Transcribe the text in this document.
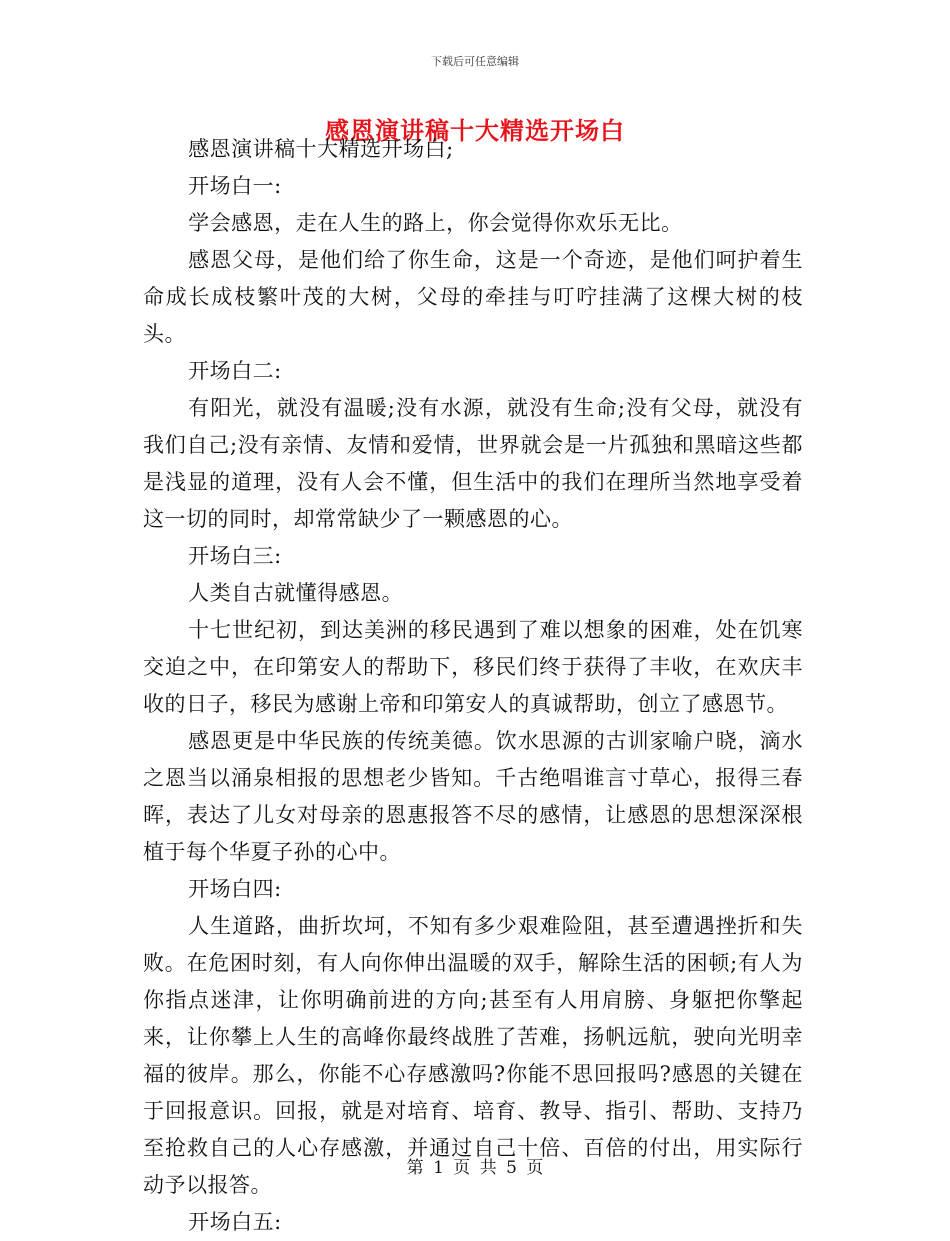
下载后可任意编辑
感恩演讲稿十大精选开场白

感恩演讲稿十大精选开场白;

开场白一:

学会感恩，走在人生的路上，你会觉得你欢乐无比。

感恩父母，是他们给了你生命，这是一个奇迹，是他们呵护着生命成长成枝繁叶茂的大树，父母的牵挂与叮咛挂满了这棵大树的枝头。

开场白二:

有阳光，就没有温暖;没有水源，就没有生命;没有父母，就没有我们自己;没有亲情、友情和爱情，世界就会是一片孤独和黑暗这些都是浅显的道理，没有人会不懂，但生活中的我们在理所当然地享受着这一切的同时，却常常缺少了一颗感恩的心。

开场白三:

人类自古就懂得感恩。

十七世纪初，到达美洲的移民遇到了难以想象的困难，处在饥寒交迫之中，在印第安人的帮助下，移民们终于获得了丰收，在欢庆丰收的日子，移民为感谢上帝和印第安人的真诚帮助，创立了感恩节。

感恩更是中华民族的传统美德。饮水思源的古训家喻户晓，滴水之恩当以涌泉相报的思想老少皆知。千古绝唱谁言寸草心，报得三春晖，表达了儿女对母亲的恩惠报答不尽的感情，让感恩的思想深深根植于每个华夏子孙的心中。

开场白四:

人生道路，曲折坎坷，不知有多少艰难险阻，甚至遭遇挫折和失败。在危困时刻，有人向你伸出温暖的双手，解除生活的困顿;有人为你指点迷津，让你明确前进的方向;甚至有人用肩膀、身躯把你擎起来，让你攀上人生的高峰你最终战胜了苦难，扬帆远航，驶向光明幸福的彼岸。那么，你能不心存感激吗?你能不思回报吗?感恩的关键在于回报意识。回报，就是对培育、培育、教导、指引、帮助、支持乃至抢救自己的人心存感激，并通过自己十倍、百倍的付出，用实际行动予以报答。

开场白五:

第 1 页 共 5 页
